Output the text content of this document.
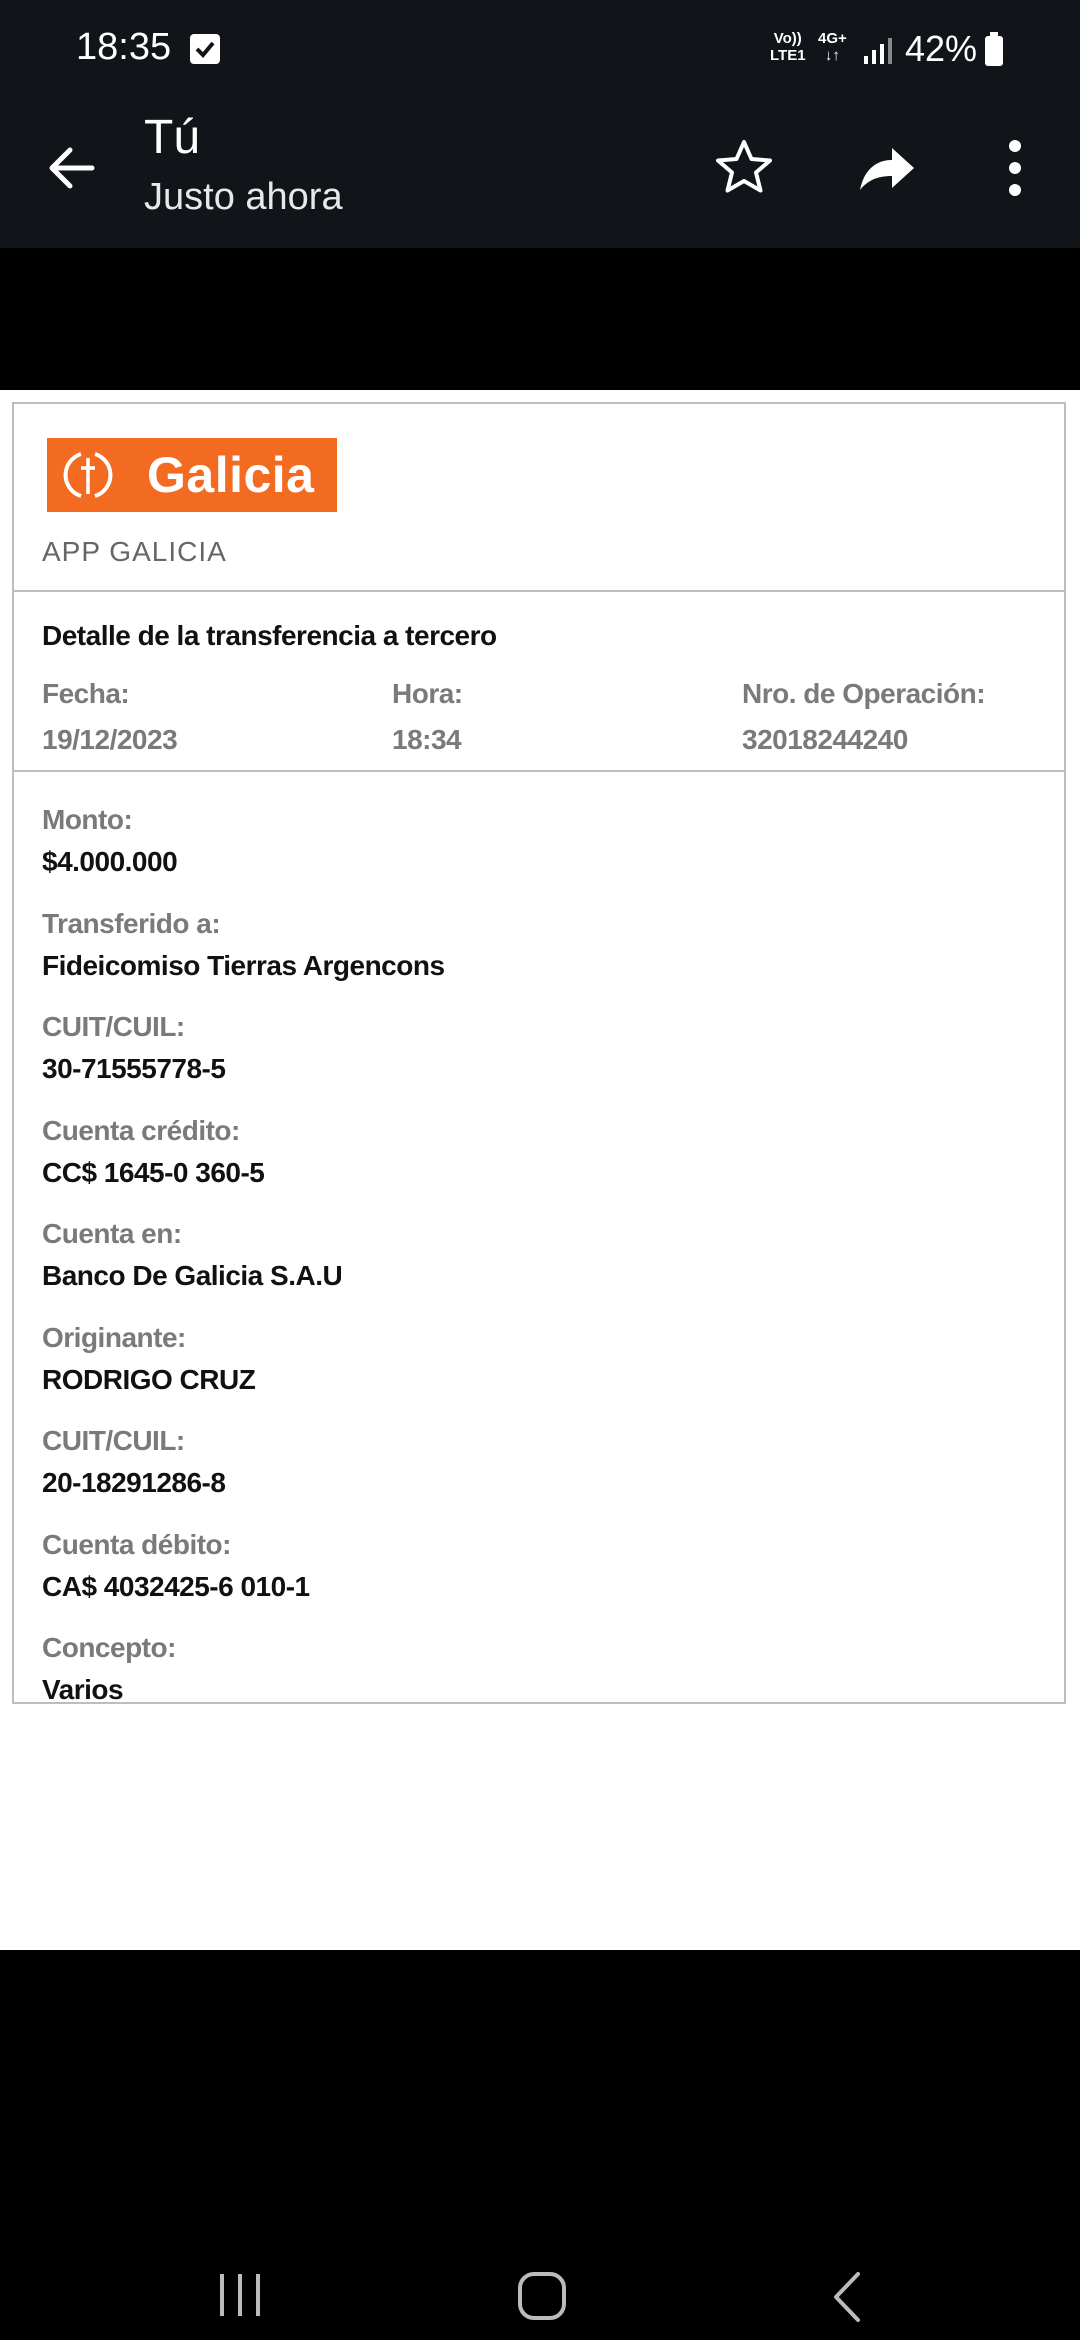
18:35	Vo))
LTE1
4G+
↓↑ 42%
Tú
Justo ahora
Galicia
APP GALICIA
Detalle de la transferencia a tercero
Fecha:
19/12/2023
Hora:
18:34
Nro. de Operación:
32018244240
Monto:
$4.000.000
Transferido a:
Fideicomiso Tierras Argencons
CUIT/CUIL:
30-71555778-5
Cuenta crédito:
CC$ 1645-0 360-5
Cuenta en:
Banco De Galicia S.A.U
Originante:
RODRIGO CRUZ
CUIT/CUIL:
20-18291286-8
Cuenta débito:
CA$ 4032425-6 010-1
Concepto:
Varios
